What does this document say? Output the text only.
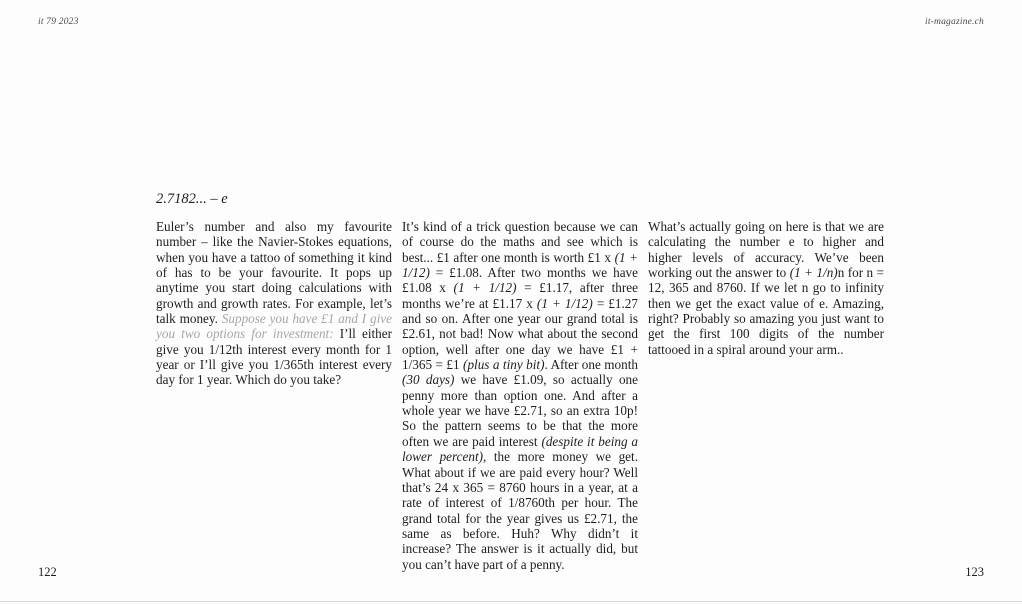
it 79 2023	it-magazine.ch
2.7182... – e
Euler’s number and also my favourite number – like the Navier-Stokes equations, when you have a tattoo of something it kind of has to be your favourite. It pops up anytime you start doing calculations with growth and growth rates. For example, let’s talk money. Suppose you have £1 and I give you two options for investment: I’ll either give you 1/12th interest every month for 1 year or I’ll give you 1/365th interest every day for 1 year. Which do you take?
It’s kind of a trick question because we can of course do the maths and see which is best... £1 after one month is worth £1 x (1 + 1/12) = £1.08. After two months we have £1.08 x (1 + 1/12) = £1.17, after three months we’re at £1.17 x (1 + 1/12) = £1.27 and so on. After one year our grand total is £2.61, not bad! Now what about the second option, well after one day we have £1 + 1/365 = £1 (plus a tiny bit). After one month (30 days) we have £1.09, so actually one penny more than option one. And after a whole year we have £2.71, so an extra 10p! So the pattern seems to be that the more often we are paid interest (despite it being a lower percent), the more money we get. What about if we are paid every hour? Well that’s 24 x 365 = 8760 hours in a year, at a rate of interest of 1/8760th per hour. The grand total for the year gives us £2.71, the same as before. Huh? Why didn’t it increase? The answer is it actually did, but you can’t have part of a penny.
What’s actually going on here is that we are calculating the number e to higher and higher levels of accuracy. We’ve been working out the answer to (1 + 1/n)n for n = 12, 365 and 8760. If we let n go to infinity then we get the exact value of e. Amazing, right? Probably so amazing you just want to get the first 100 digits of the number tattooed in a spiral around your arm..
122	123
